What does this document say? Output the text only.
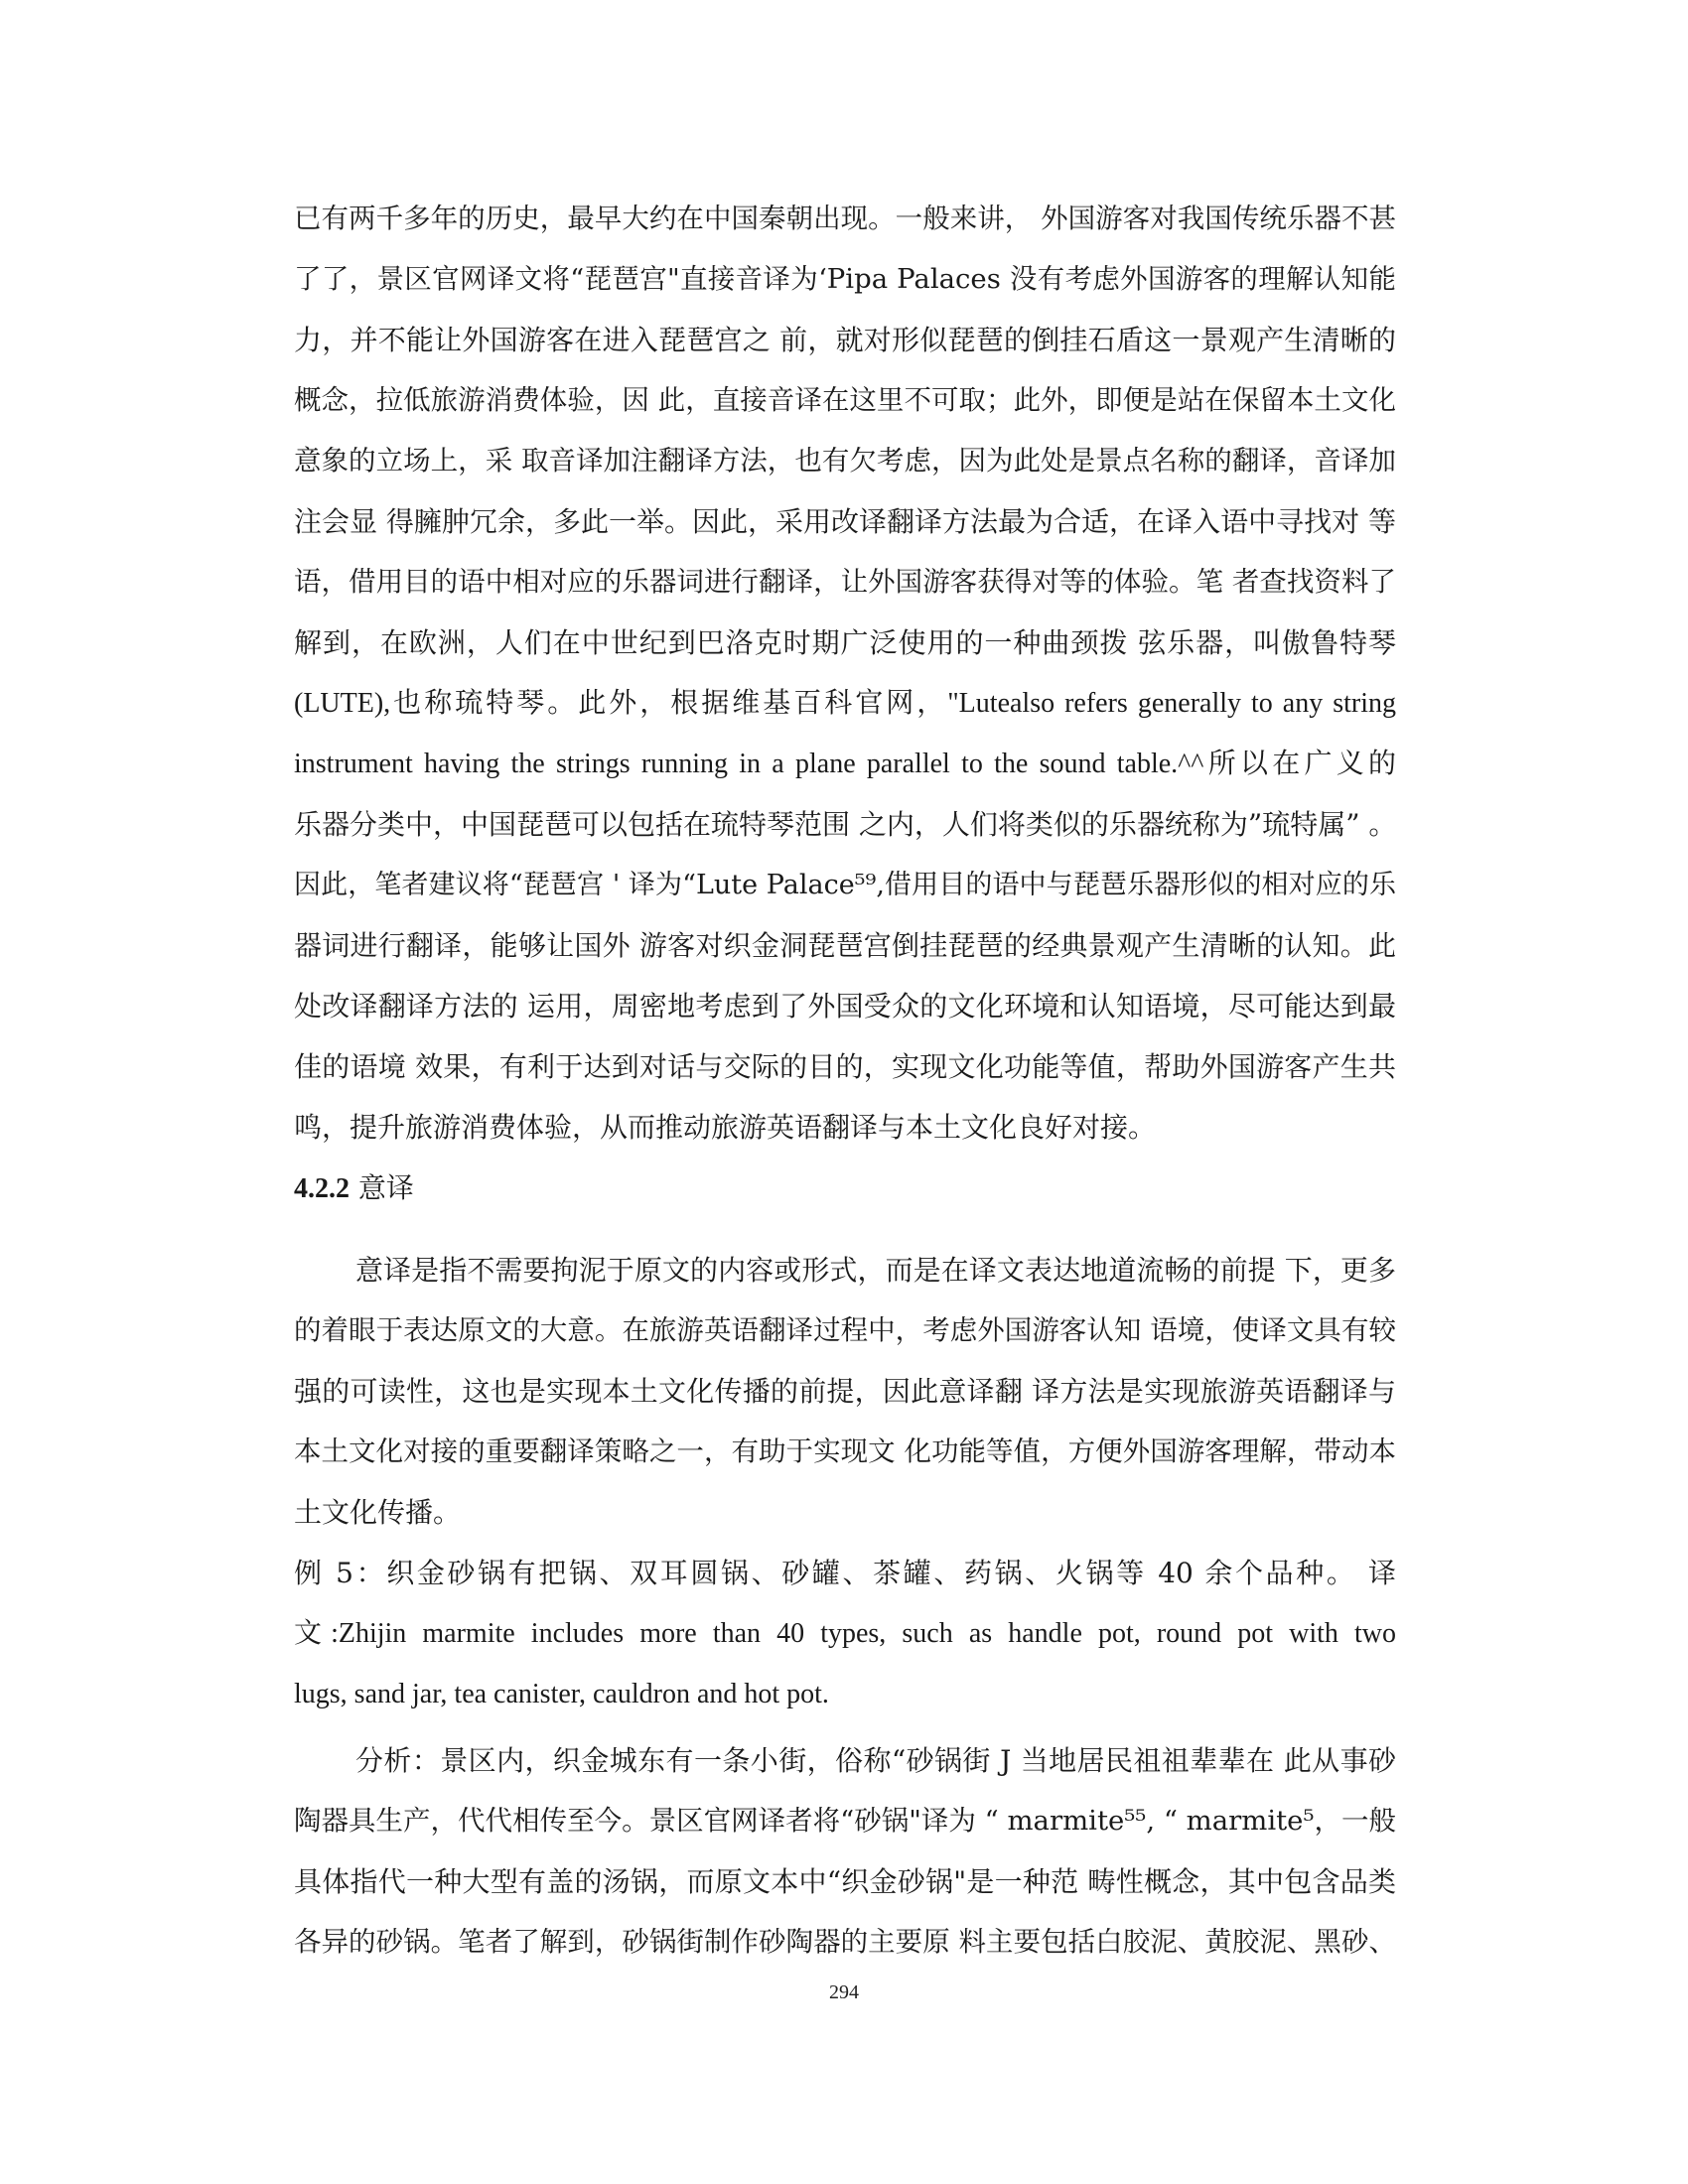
已有两千多年的历史，最早大约在中国秦朝出现。一般来讲， 外国游客对我国传统乐器不甚
了了，景区官网译文将“琵琶宫"直接音译为‘Pipa Palaces 没有考虑外国游客的理解认知能
力，并不能让外国游客在进入琵琶宫之 前，就对形似琵琶的倒挂石盾这一景观产生清晰的
概念，拉低旅游消费体验，因 此，直接音译在这里不可取；此外，即便是站在保留本土文化
意象的立场上，采 取音译加注翻译方法，也有欠考虑，因为此处是景点名称的翻译，音译加
注会显 得臃肿冗余，多此一举。因此，采用改译翻译方法最为合适，在译入语中寻找对 等
语，借用目的语中相对应的乐器词进行翻译，让外国游客获得对等的体验。笔 者查找资料了
解到，在欧洲，人们在中世纪到巴洛克时期广泛使用的一种曲颈拨 弦乐器，叫傲鲁特琴
(LUTE),也称琉特琴。此外，根据维基百科官网，"Lutealso refers generally to any string
instrument having the strings running in a plane parallel to the sound table.^^所以在广义的
乐器分类中，中国琵琶可以包括在琉特琴范围 之内，人们将类似的乐器统称为”琉特属” 。
因此，笔者建议将“琵琶宫 ' 译为“Lute Palace⁵⁹,借用目的语中与琵琶乐器形似的相对应的乐
器词进行翻译，能够让国外 游客对织金洞琵琶宫倒挂琵琶的经典景观产生清晰的认知。此
处改译翻译方法的 运用，周密地考虑到了外国受众的文化环境和认知语境，尽可能达到最
佳的语境 效果，有利于达到对话与交际的目的，实现文化功能等值，帮助外国游客产生共
鸣，提升旅游消费体验，从而推动旅游英语翻译与本土文化良好对接。
4.2.2 意译
意译是指不需要拘泥于原文的内容或形式，而是在译文表达地道流畅的前提 下，更多
的着眼于表达原文的大意。在旅游英语翻译过程中，考虑外国游客认知 语境，使译文具有较
强的可读性，这也是实现本土文化传播的前提，因此意译翻 译方法是实现旅游英语翻译与
本土文化对接的重要翻译策略之一，有助于实现文 化功能等值，方便外国游客理解，带动本
土文化传播。
例 5：织金砂锅有把锅、双耳圆锅、砂罐、茶罐、药锅、火锅等 40 余个品种。 译
文:Zhijin marmite includes more than 40 types, such as handle pot, round pot with two
lugs, sand jar, tea canister, cauldron and hot pot.
分析：景区内，织金城东有一条小街，俗称“砂锅街 J 当地居民祖祖辈辈在 此从事砂
陶器具生产，代代相传至今。景区官网译者将“砂锅"译为 “ marmite⁵⁵, “ marmite⁵，一般
具体指代一种大型有盖的汤锅，而原文本中“织金砂锅"是一种范 畴性概念，其中包含品类
各异的砂锅。笔者了解到，砂锅街制作砂陶器的主要原 料主要包括白胶泥、黄胶泥、黑砂、
294
